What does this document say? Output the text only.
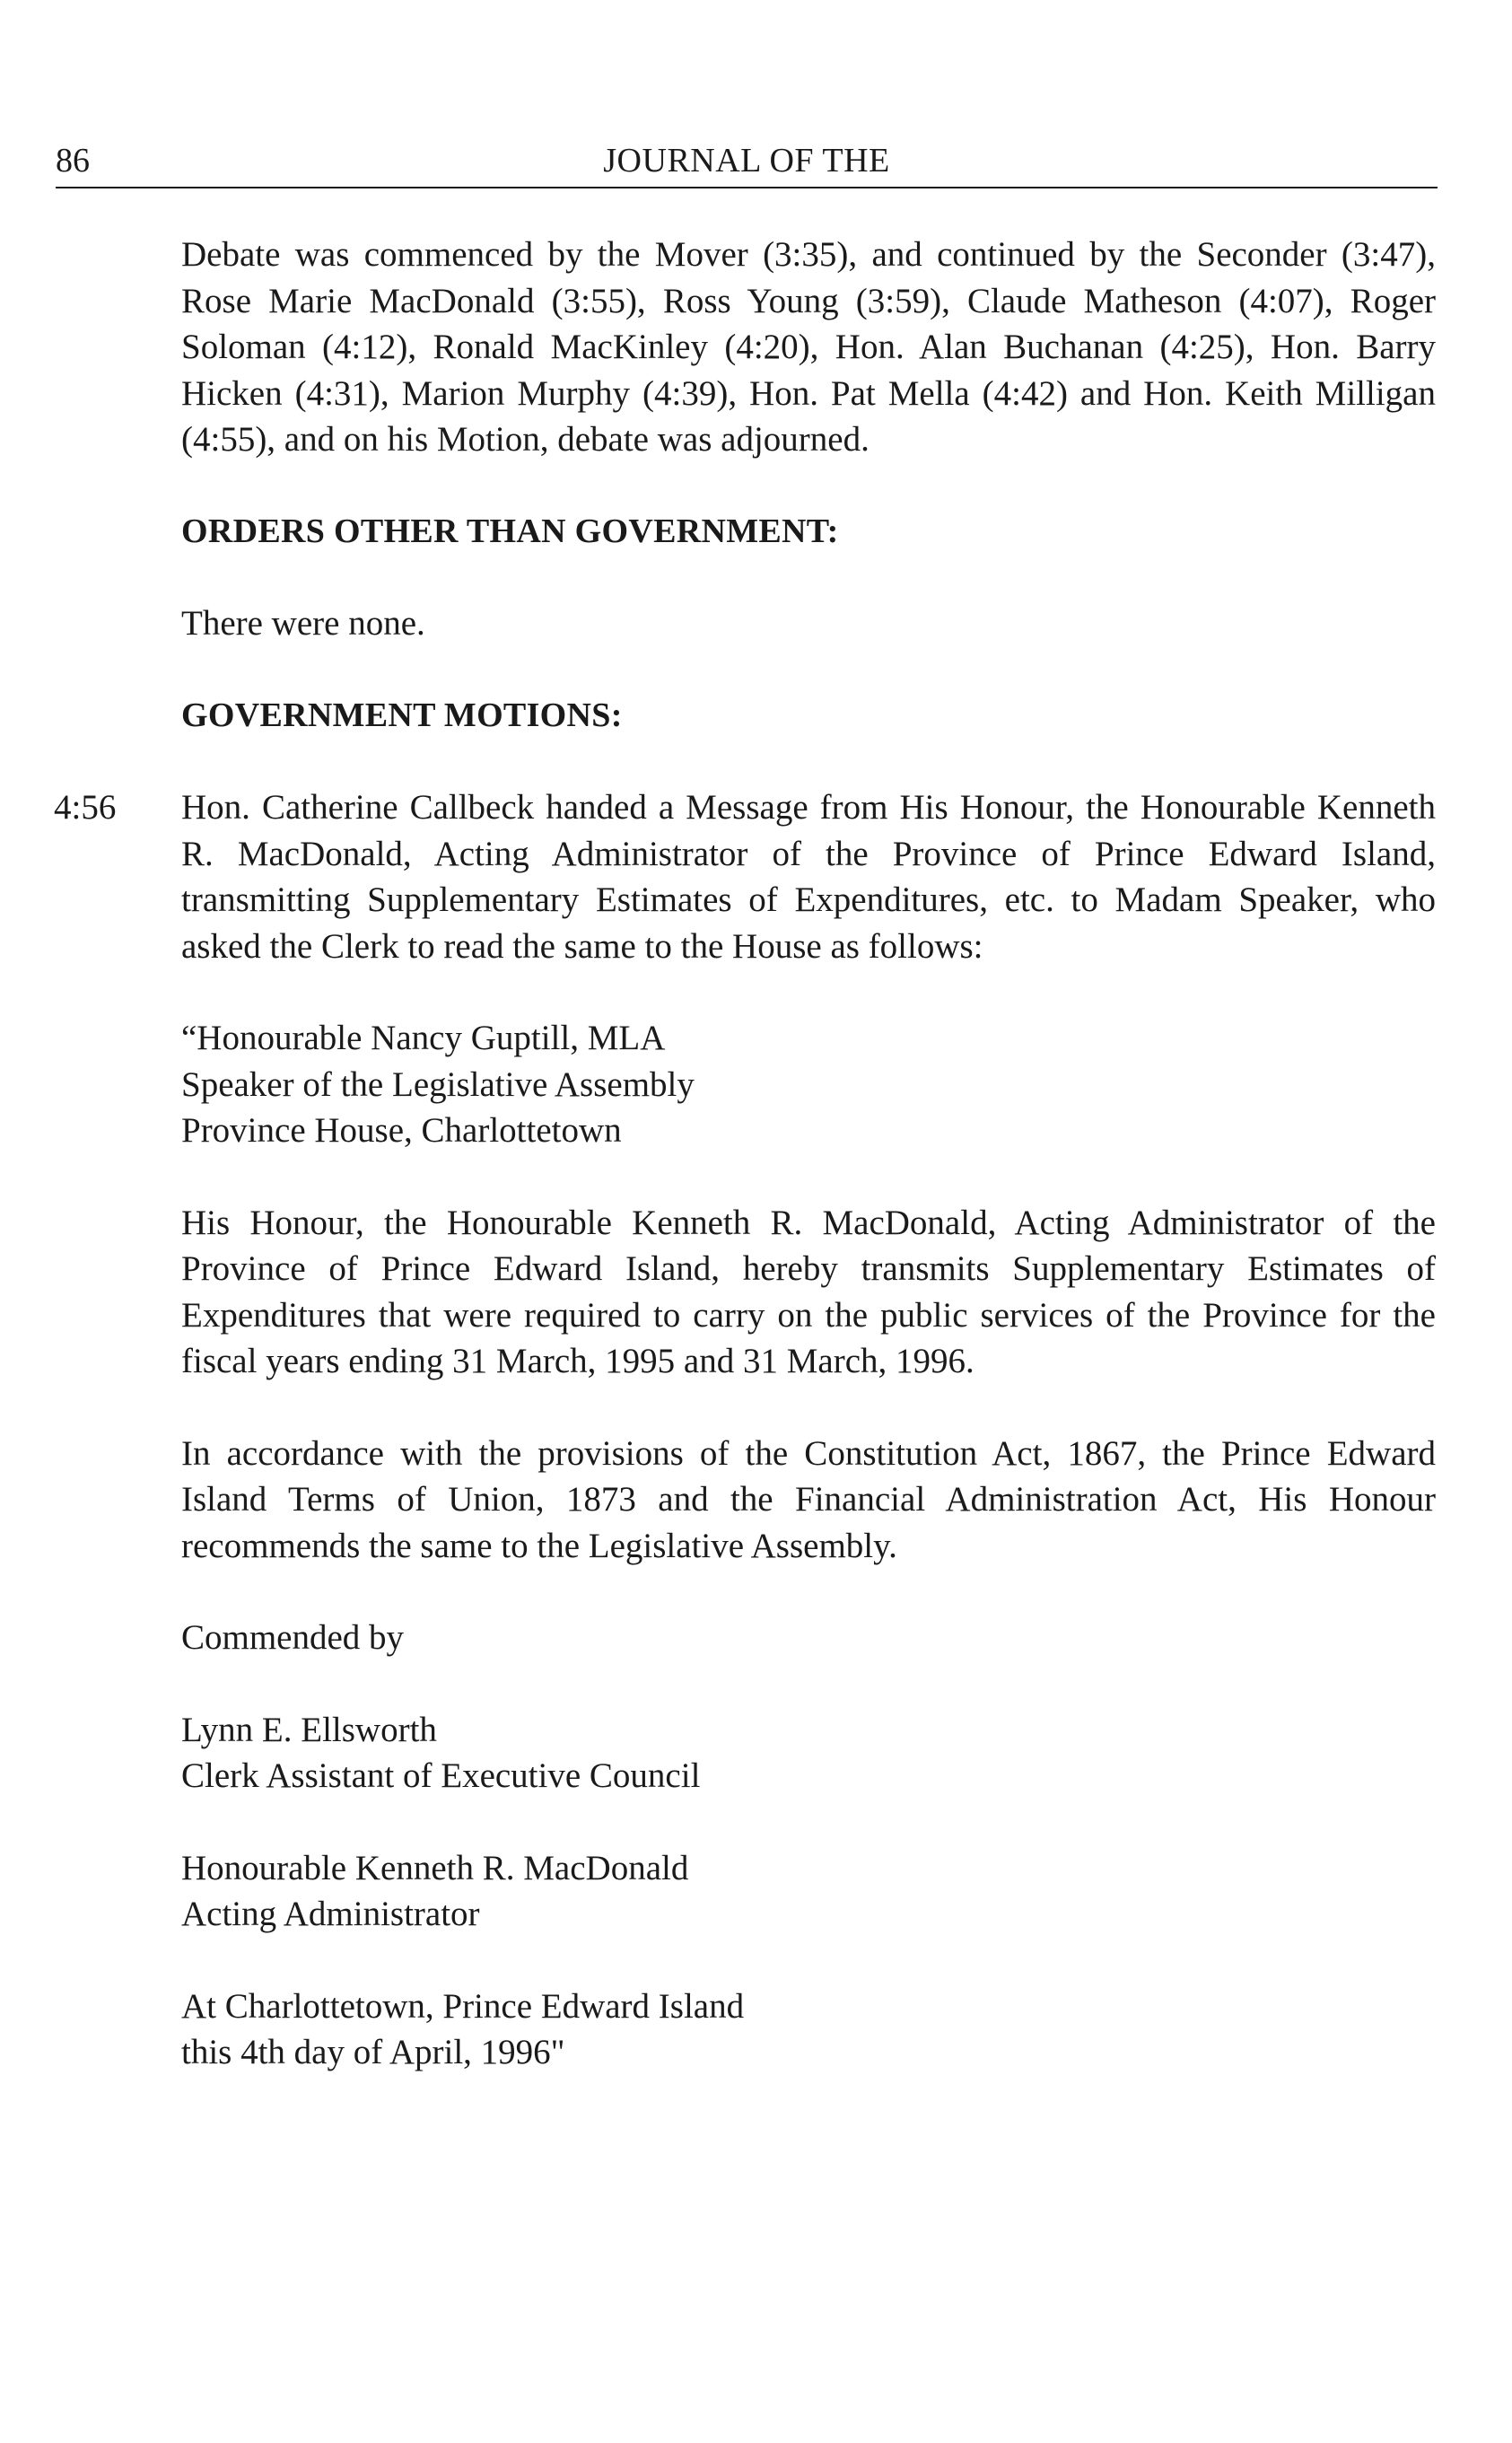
86	JOURNAL OF THE

Debate was commenced by the Mover (3:35), and continued by the Seconder (3:47), Rose Marie MacDonald (3:55), Ross Young (3:59), Claude Matheson (4:07), Roger Soloman (4:12), Ronald MacKinley (4:20), Hon. Alan Buchanan (4:25), Hon. Barry Hicken (4:31), Marion Murphy (4:39), Hon. Pat Mella (4:42) and Hon. Keith Milligan (4:55), and on his Motion, debate was adjourned.

ORDERS OTHER THAN GOVERNMENT:

There were none.

GOVERNMENT MOTIONS:
4:56 Hon. Catherine Callbeck handed a Message from His Honour, the Honourable Kenneth R. MacDonald, Acting Administrator of the Province of Prince Edward Island, transmitting Supplementary Estimates of Expenditures, etc. to Madam Speaker, who asked the Clerk to read the same to the House as follows:

“Honourable Nancy Guptill, MLA
Speaker of the Legislative Assembly
Province House, Charlottetown

His Honour, the Honourable Kenneth R. MacDonald, Acting Administrator of the Province of Prince Edward Island, hereby transmits Supplementary Estimates of Expenditures that were required to carry on the public services of the Province for the fiscal years ending 31 March, 1995 and 31 March, 1996.

In accordance with the provisions of the Constitution Act, 1867, the Prince Edward Island Terms of Union, 1873 and the Financial Administration Act, His Honour recommends the same to the Legislative Assembly.

Commended by

Lynn E. Ellsworth
Clerk Assistant of Executive Council
Honourable Kenneth R. MacDonald
Acting Administrator
At Charlottetown, Prince Edward Island
this 4th day of April, 1996"
